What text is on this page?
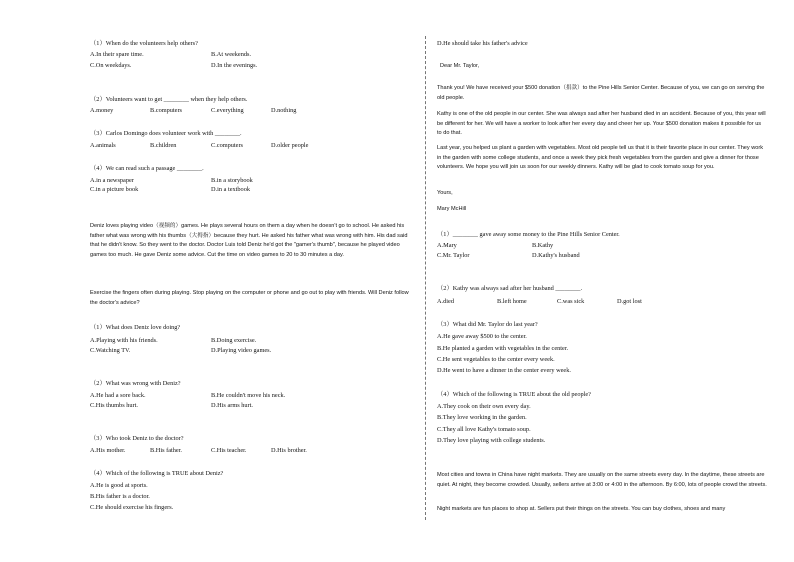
（1）When do the volunteers help others?
A.In their spare time.	B.At weekends.
C.On weekdays.	D.In the evenings.
（2）Volunteers want to get ________ when they help others.
A.money	B.computers	C.everything	D.nothing
（3）Carlos Domingo does volunteer work with ________.
A.animals	B.children	C.computers	D.older people
（4）We can read such a passage ________.
A.in a newspaper	B.in a storybook
C.in a picture book	D.in a textbook
Deniz loves playing video（视频的）games. He plays several hours on them a day when he doesn't go to school. He asked his father what was wrong with his thumbs（大拇指）because they hurt. He asked his father what was wrong with him. His dad said that he didn't know. So they went to the doctor. Doctor Luis told Deniz he'd got the "gamer's thumb", because he played video games too much. He gave Deniz some advice. Cut the time on video games to 20 to 30 minutes a day.
Exercise the fingers often during playing. Stop playing on the computer or phone and go out to play with friends. Will Deniz follow the doctor's advice?
（1）What does Deniz love doing?
A.Playing with his friends.	B.Doing exercise.
C.Watching TV.	D.Playing video games.
（2）What was wrong with Deniz?
A.He had a sore back.	B.He couldn't move his neck.
C.His thumbs hurt.	D.His arms hurt.
（3）Who took Deniz to the doctor?
A.His mother.	B.His father.	C.His teacher.	D.His brother.
（4）Which of the following is TRUE about Deniz?
A.He is good at sports.
B.His father is a doctor.
C.He should exercise his fingers.
D.He should take his father's advice
Dear Mr. Taylor,
Thank you! We have received your $500 donation（捐款）to the Pine Hills Senior Center. Because of you, we can go on serving the old people.
Kathy is one of the old people in our center. She was always sad after her husband died in an accident. Because of you, this year will be different for her. We will have a worker to look after her every day and cheer her up. Your $500 donation makes it possible for us to do that.
Last year, you helped us plant a garden with vegetables. Most old people tell us that it is their favorite place in our center. They work in the garden with some college students, and once a week they pick fresh vegetables from the garden and give a dinner for those volunteers. We hope you will join us soon for our weekly dinners. Kathy will be glad to cook tomato soup for you.
Yours,
Mary McHill
（1）________ gave away some money to the Pine Hills Senior Center.
A.Mary	B.Kathy
C.Mr. Taylor	D.Kathy's husband
（2）Kathy was always sad after her husband ________.
A.died	B.left home	C.was sick	D.got lost
（3）What did Mr. Taylor do last year?
A.He gave away $500 to the center.
B.He planted a garden with vegetables in the center.
C.He sent vegetables to the center every week.
D.He went to have a dinner in the center every week.
（4）Which of the following is TRUE about the old people?
A.They cook on their own every day.
B.They love working in the garden.
C.They all love Kathy's tomato soup.
D.They love playing with college students.
Most cities and towns in China have night markets. They are usually on the same streets every day. In the daytime, these streets are quiet. At night, they become crowded. Usually, sellers arrive at 3:00 or 4:00 in the afternoon. By 6:00, lots of people crowd the streets.
Night markets are fun places to shop at. Sellers put their things on the streets. You can buy clothes, shoes and many
